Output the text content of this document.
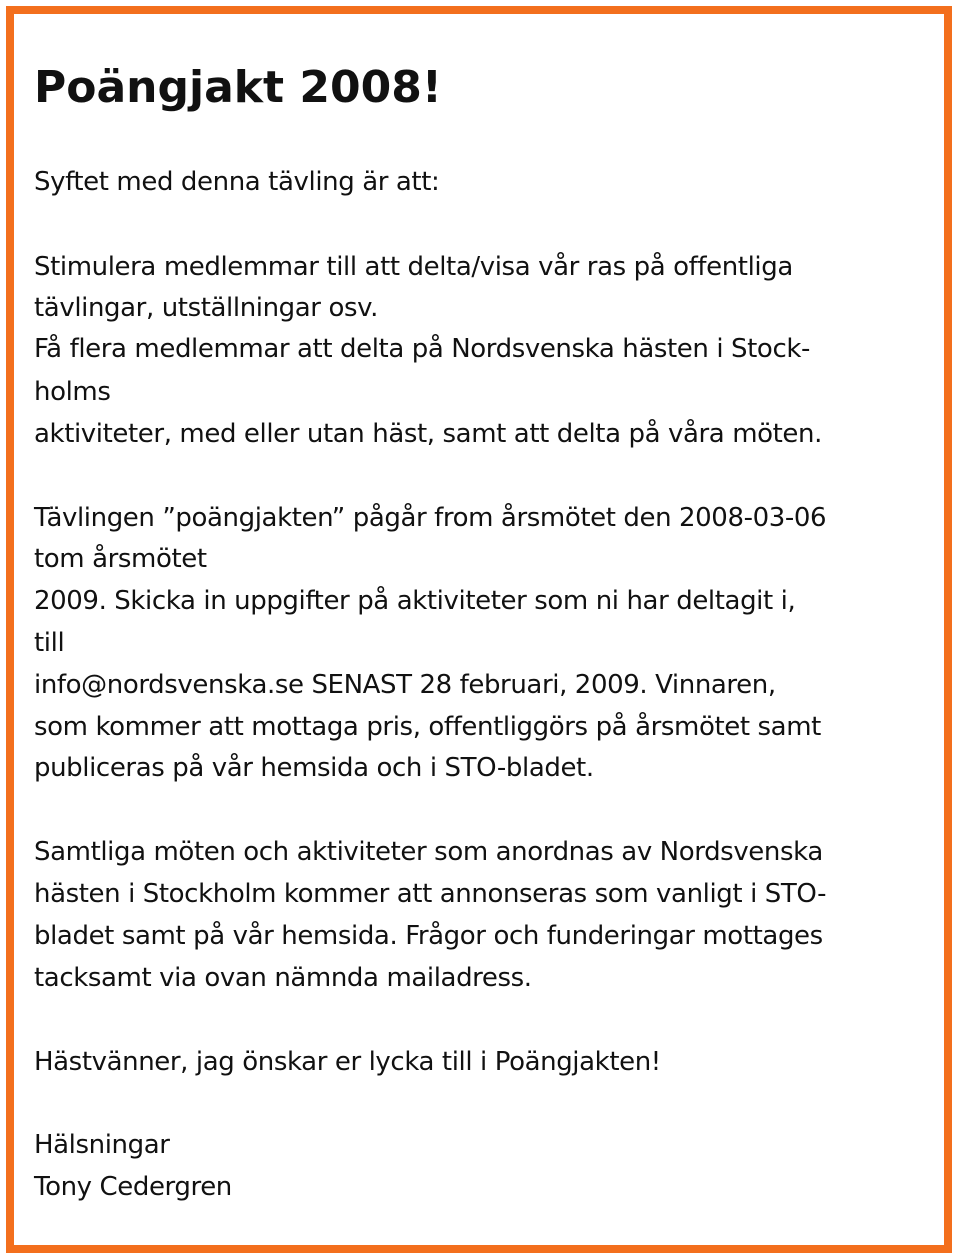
Poängjakt 2008!

Syftet med denna tävling är att:

Stimulera medlemmar till att delta/visa vår ras på offentliga

tävlingar, utställningar osv.

Få flera medlemmar att delta på Nordsvenska hästen i Stock-

holms

aktiviteter, med eller utan häst, samt att delta på våra möten.

Tävlingen ”poängjakten” pågår from årsmötet den 2008-03-06

tom årsmötet

2009. Skicka in uppgifter på aktiviteter som ni har deltagit i,

till

info@nordsvenska.se SENAST 28 februari, 2009. Vinnaren,

som kommer att mottaga pris, offentliggörs på årsmötet samt

publiceras på vår hemsida och i STO-bladet.

Samtliga möten och aktiviteter som anordnas av Nordsvenska

hästen i Stockholm kommer att annonseras som vanligt i STO-

bladet samt på vår hemsida. Frågor och funderingar mottages

tacksamt via ovan nämnda mailadress.

Hästvänner, jag önskar er lycka till i Poängjakten!

Hälsningar

Tony Cedergren
